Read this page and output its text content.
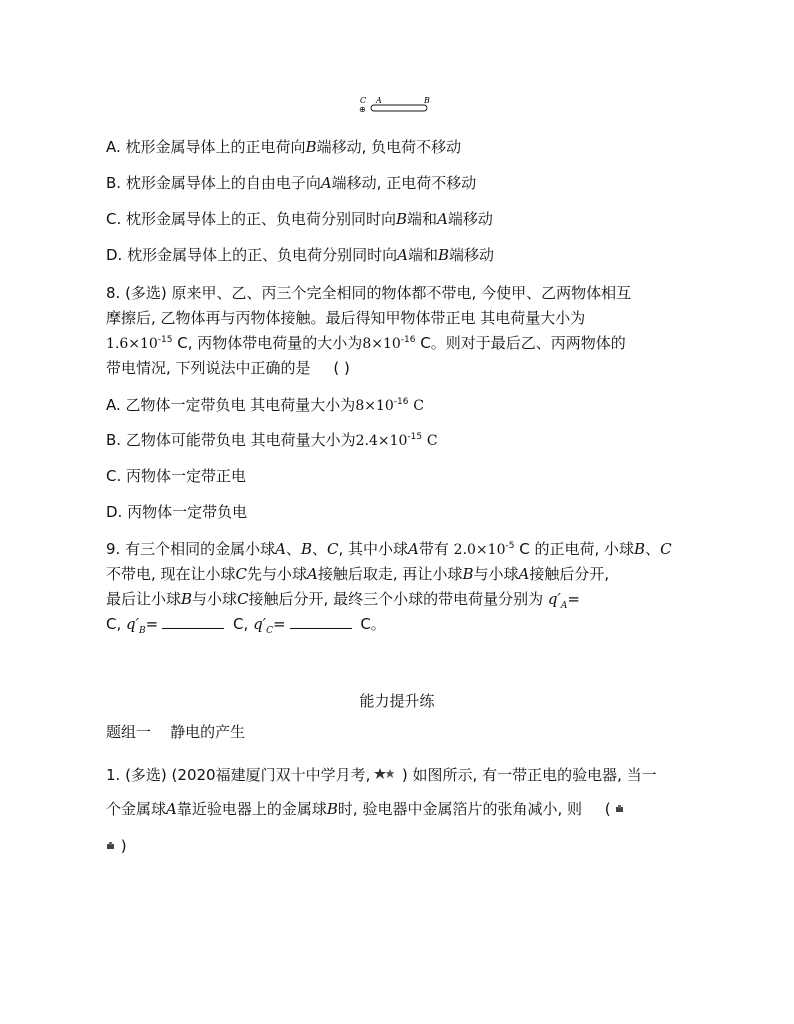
C A	B
⊕
A. 枕形金属导体上的正电荷向B端移动, 负电荷不移动
B. 枕形金属导体上的自由电子向A端移动, 正电荷不移动
C. 枕形金属导体上的正、负电荷分别同时向B端和A端移动
D. 枕形金属导体上的正、负电荷分别同时向A端和B端移动
8. (多选) 原来甲、乙、丙三个完全相同的物体都不带电, 今使甲、乙两物体相互
摩擦后, 乙物体再与丙物体接触。最后得知甲物体带正电 其电荷量大小为
$1.6\times 10^{-15}$ C, 丙物体带电荷量的大小为$8\times 10^{-16}$ C。则对于最后乙、丙两物体的
带电情况, 下列说法中正确的是 ( )
A. 乙物体一定带负电 其电荷量大小为$8\times 10^{-16}$ C
B. 乙物体可能带负电 其电荷量大小为$2.4\times 10^{-15}$ C
C. 丙物体一定带正电
D. 丙物体一定带负电
9. 有三个相同的金属小球A、B、C, 其中小球A带有 $2.0\times 10^{-5}$ C 的正电荷, 小球B、C
不带电, 现在让小球C先与小球A接触后取走, 再让小球B与小球A接触后分开,
最后让小球B与小球C接触后分开, 最终三个小球的带电荷量分别为 $q'_A=$
C, $q'_B=$	C, $q'_C=$	C。
能力提升练
题组一    静电的产生
1. (多选) (2020福建厦门双十中学月考, ) 如图所示, 有一带正电的验电器, 当一
个金属球A靠近验电器上的金属球B时, 验电器中金属箔片的张角减小, 则 (
)
